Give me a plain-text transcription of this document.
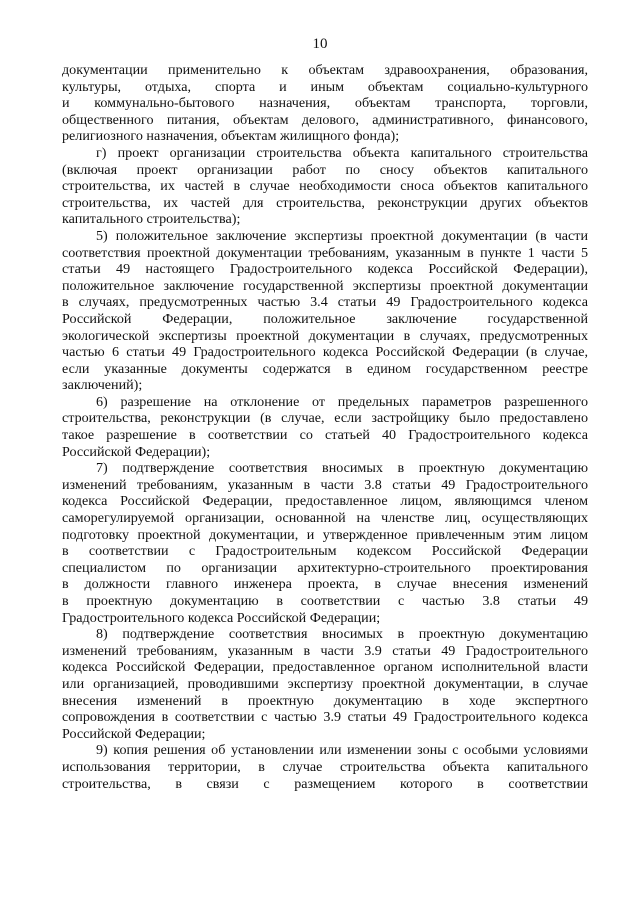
10
документации применительно к объектам здравоохранения, образования,
культуры, отдыха, спорта и иным объектам социально-культурного
и коммунально-бытового назначения, объектам транспорта, торговли,
общественного питания, объектам делового, административного, финансового,
религиозного назначения, объектам жилищного фонда);
г) проект организации строительства объекта капитального строительства
(включая проект организации работ по сносу объектов капитального
строительства, их частей в случае необходимости сноса объектов капитального
строительства, их частей для строительства, реконструкции других объектов
капитального строительства);
5) положительное заключение экспертизы проектной документации (в части
соответствия проектной документации требованиям, указанным в пункте 1 части 5
статьи 49 настоящего Градостроительного кодекса Российской Федерации),
положительное заключение государственной экспертизы проектной документации
в случаях, предусмотренных частью 3.4 статьи 49 Градостроительного кодекса
Российской Федерации, положительное заключение государственной
экологической экспертизы проектной документации в случаях, предусмотренных
частью 6 статьи 49 Градостроительного кодекса Российской Федерации (в случае,
если указанные документы содержатся в едином государственном реестре
заключений);
6) разрешение на отклонение от предельных параметров разрешенного
строительства, реконструкции (в случае, если застройщику было предоставлено
такое разрешение в соответствии со статьей 40 Градостроительного кодекса
Российской Федерации);
7) подтверждение соответствия вносимых в проектную документацию
изменений требованиям, указанным в части 3.8 статьи 49 Градостроительного
кодекса Российской Федерации, предоставленное лицом, являющимся членом
саморегулируемой организации, основанной на членстве лиц, осуществляющих
подготовку проектной документации, и утвержденное привлеченным этим лицом
в соответствии с Градостроительным кодексом Российской Федерации
специалистом по организации архитектурно-строительного проектирования
в должности главного инженера проекта, в случае внесения изменений
в проектную документацию в соответствии с частью 3.8 статьи 49
Градостроительного кодекса Российской Федерации;
8) подтверждение соответствия вносимых в проектную документацию
изменений требованиям, указанным в части 3.9 статьи 49 Градостроительного
кодекса Российской Федерации, предоставленное органом исполнительной власти
или организацией, проводившими экспертизу проектной документации, в случае
внесения изменений в проектную документацию в ходе экспертного
сопровождения в соответствии с частью 3.9 статьи 49 Градостроительного кодекса
Российской Федерации;
9) копия решения об установлении или изменении зоны с особыми условиями
использования территории, в случае строительства объекта капитального
строительства, в связи с размещением которого в соответствии
